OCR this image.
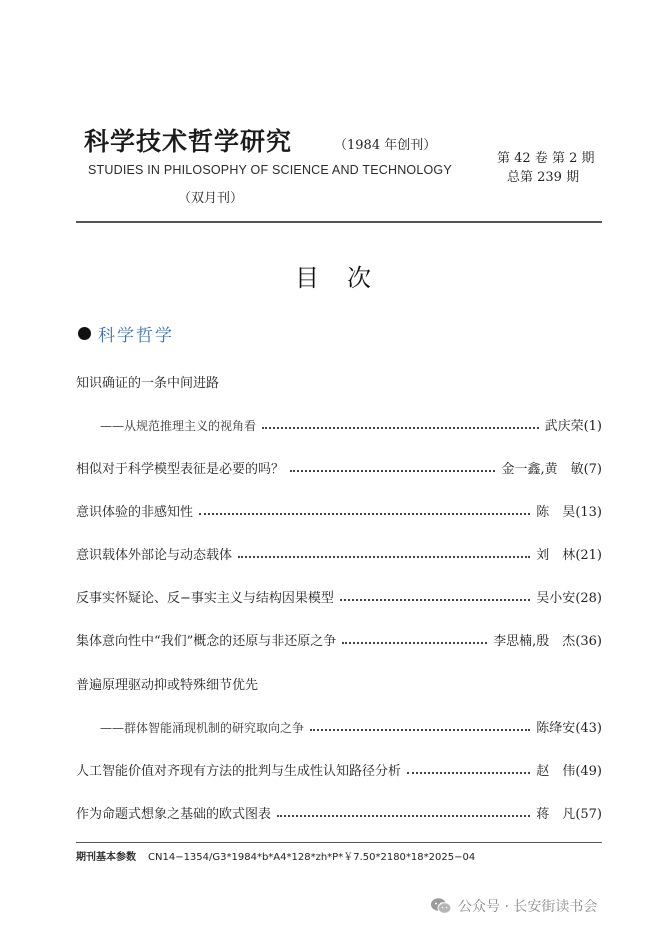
科学技术哲学研究	（1984 年创刊）
STUDIES IN PHILOSOPHY OF SCIENCE AND TECHNOLOGY
（双月刊）
第 42 卷 第 2 期
总第 239 期
目次
科学哲学
知识确证的一条中间进路
——从规范推理主义的视角看	武庆荣 (1)
相似对于科学模型表征是必要的吗？	金一鑫,黄　敏 (7)
意识体验的非感知性	陈　昊 (13)
意识载体外部论与动态载体	刘　林 (21)
反事实怀疑论、反−事实主义与结构因果模型	吴小安 (28)
集体意向性中“我们”概念的还原与非还原之争	李思楠,殷　杰 (36)
普遍原理驱动抑或特殊细节优先
——群体智能涌现机制的研究取向之争	陈绛安 (43)
人工智能价值对齐现有方法的批判与生成性认知路径分析	赵　伟 (49)
作为命题式想象之基础的欧式图表	蒋　凡 (57)
期刊基本参数 CN14−1354/G3*1984*b*A4*128*zh*P*￥7.50*2180*18*2025−04
公众号 · 长安街读书会
